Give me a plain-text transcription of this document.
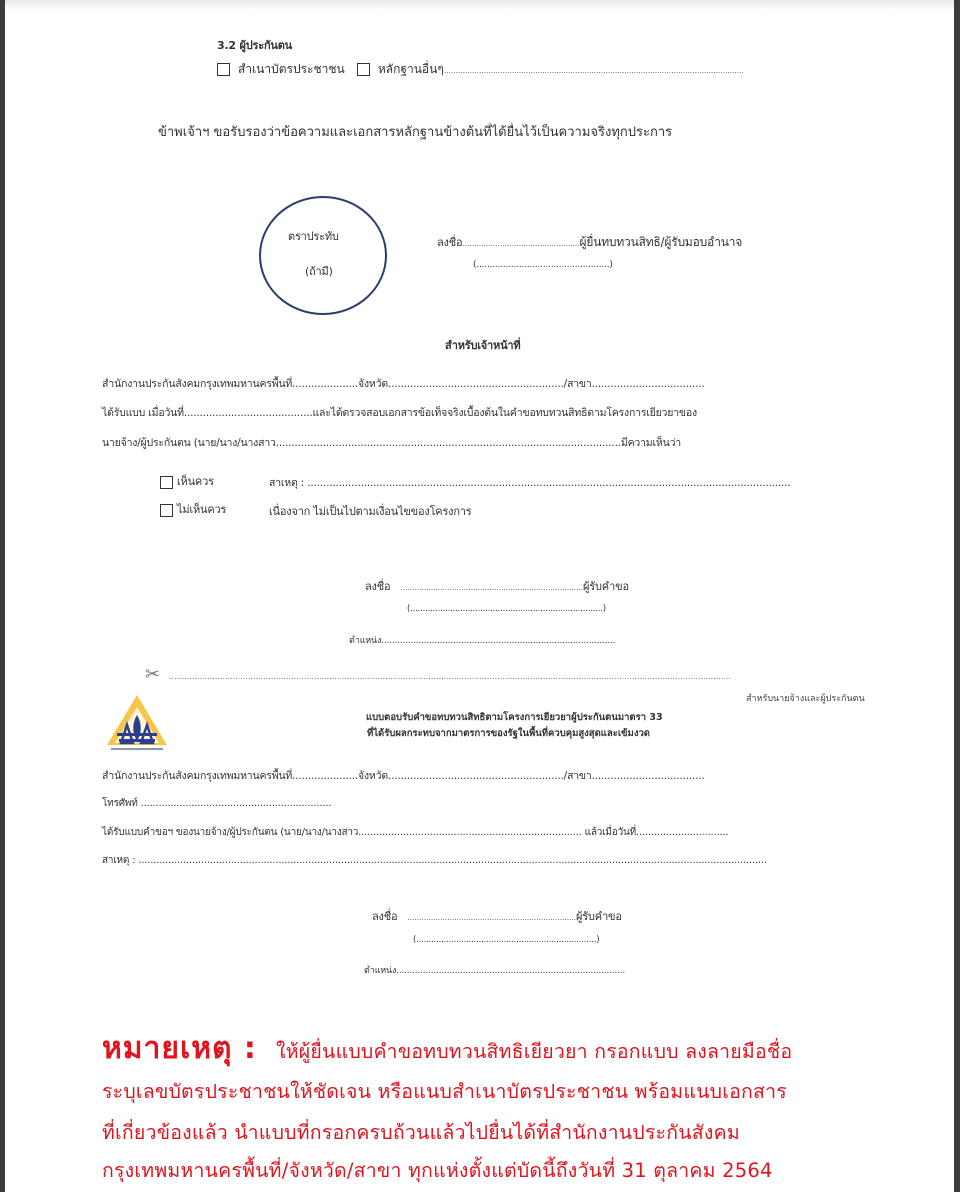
3.2 ผู้ประกันตน
สำเนาบัตรประชาชน	หลักฐานอื่นๆ................................................................................................................................
ข้าพเจ้าฯ ขอรับรองว่าข้อความและเอกสารหลักฐานข้างต้นที่ได้ยื่นไว้เป็นความจริงทุกประการ
ตราประทับ
(ถ้ามี)
ลงชื่อ..................................................ผู้ยื่นทบทวนสิทธิ/ผู้รับมอบอำนาจ
(..................................................)
สำหรับเจ้าหน้าที่
สำนักงานประกันสังคมกรุงเทพมหานครพื้นที่.....................จังหวัด......................................................../สาขา....................................
ได้รับแบบ เมื่อวันที่.........................................และได้ตรวจสอบเอกสารข้อเท็จจริงเบื้องต้นในคำขอทบทวนสิทธิตามโครงการเยียวยาของ
นายจ้าง/ผู้ประกันตน (นาย/นาง/นางสาว..............................................................................................................มีความเห็นว่า
เห็นควร	สาเหตุ : ..........................................................................................................................................................
ไม่เห็นควร	เนื่องจาก ไม่เป็นไปตามเงื่อนไขของโครงการ
ลงชื่อ ..............................................................................ผู้รับคำขอ
(.............................................................................)
ตำแหน่ง........................................................................................
✂ .............................................................................................................................................................................................................................
สำหรับนายจ้างและผู้ประกันตน
แบบตอบรับคำขอทบทวนสิทธิตามโครงการเยียวยาผู้ประกันตนมาตรา 33
ที่ได้รับผลกระทบจากมาตรการของรัฐในพื้นที่ควบคุมสูงสุดและเข้มงวด
สำนักงานประกันสังคมกรุงเทพมหานครพื้นที่.....................จังหวัด......................................................../สาขา....................................
โทรศัพท์ ................................................................
ได้รับแบบคำขอฯ ของนายจ้าง/ผู้ประกันตน (นาย/นาง/นางสาว........................................................................... แล้วเมื่อวันที่...............................
สาเหตุ : ...................................................................................................................................................................................................................
ลงชื่อ ........................................................................ผู้รับคำขอ
(........................................................................)
ตำแหน่ง......................................................................................
หมายเหตุ : ให้ผู้ยื่นแบบคำขอทบทวนสิทธิเยียวยา กรอกแบบ ลงลายมือชื่อ
ระบุเลขบัตรประชาชนให้ชัดเจน หรือแนบสำเนาบัตรประชาชน พร้อมแนบเอกสาร
ที่เกี่ยวข้องแล้ว นำแบบที่กรอกครบถ้วนแล้วไปยื่นได้ที่สำนักงานประกันสังคม
กรุงเทพมหานครพื้นที่/จังหวัด/สาขา ทุกแห่งตั้งแต่บัดนี้ถึงวันที่ 31 ตุลาคม 2564
